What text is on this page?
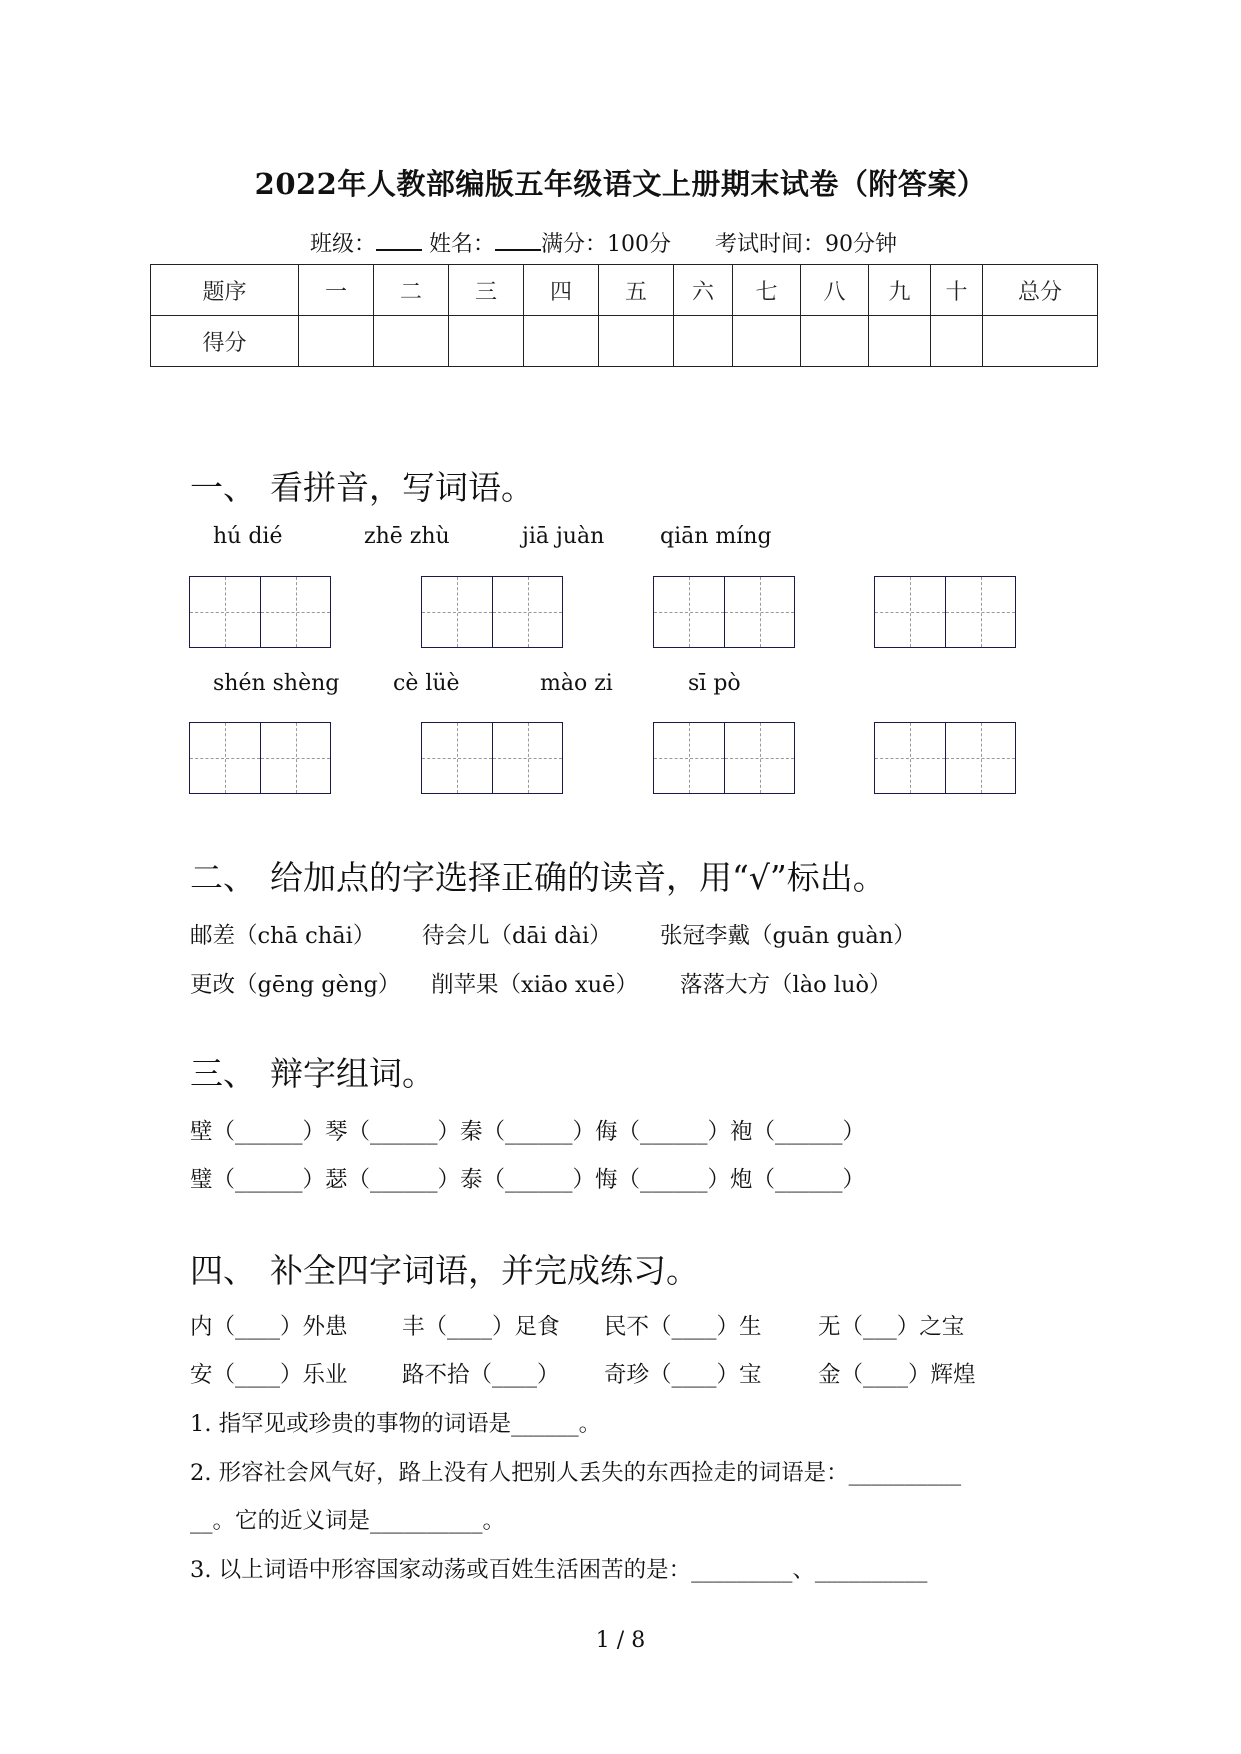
2022年人教部编版五年级语文上册期末试卷（附答案）
班级： 姓名： 满分：100分 考试时间：90分钟
题序	一	二	三	四	五	六	七	八	九	十	总分
得分											
一、 看拼音，写词语。
hú dié	zhē zhù	jiā juàn	qiān míng
shén shèng cè lüè	mào zi	sī pò
二、 给加点的字选择正确的读音，用“√”标出。
邮差（chā chāi） 待会儿（dāi dài） 张冠李戴（guān guàn）
更改（gēng gèng） 削苹果（xiāo xuē） 落落大方（lào luò）
三、 辩字组词。
壁（______）琴（______）秦（______）侮（______）袍（______）
璧（______）瑟（______）泰（______）悔（______）炮（______）
四、 补全四字词语，并完成练习。
内（____）外患 丰（____）足食 民不（____）生	无（___）之宝
安（____）乐业 路不拾（____） 奇珍（____）宝	金（____）辉煌
1. 指罕见或珍贵的事物的词语是______。
2. 形容社会风气好，路上没有人把别人丢失的东西捡走的词语是：__________
__。它的近义词是__________。
3. 以上词语中形容国家动荡或百姓生活困苦的是：_________、__________
1 / 8
